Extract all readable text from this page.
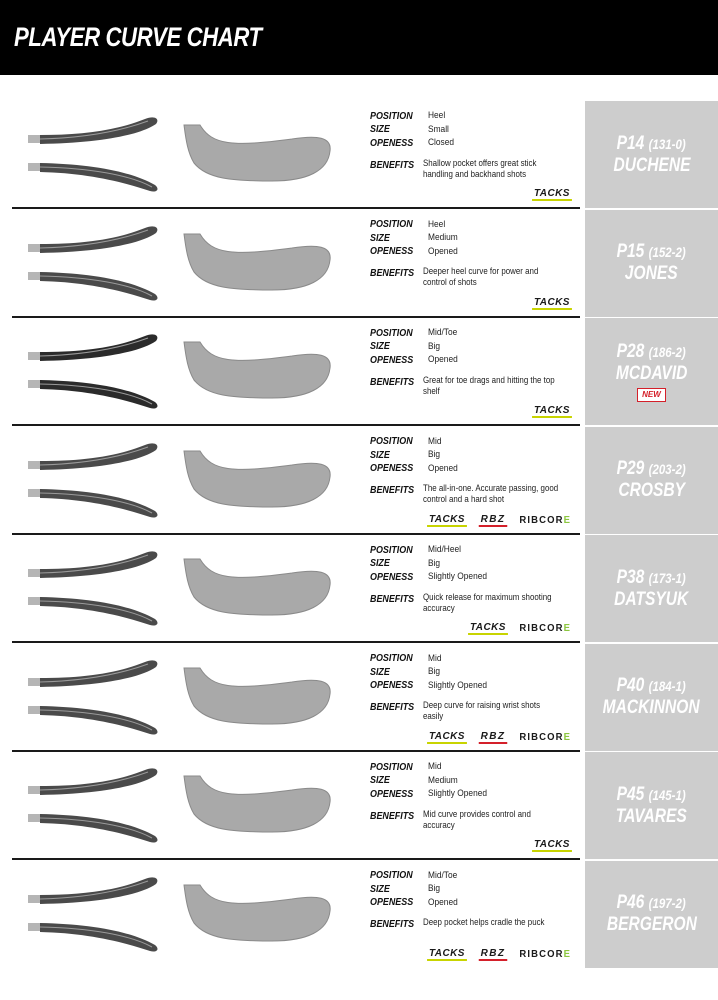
PLAYER CURVE CHART
POSITION	Heel
SIZE	Small
OPENESS	Closed
BENEFITS Shallow pocket offers great stick handling and backhand shots
TACKS
P14 (131-0)
DUCHENE
POSITION	Heel
SIZE	Medium
OPENESS	Opened
BENEFITS Deeper heel curve for power and control of shots
TACKS
P15 (152-2)
JONES
POSITION	Mid/Toe
SIZE	Big
OPENESS	Opened
BENEFITS Great for toe drags and hitting the top shelf
TACKS
P28 (186-2)
MCDAVID
NEW
POSITION	Mid
SIZE	Big
OPENESS	Opened
BENEFITS The all-in-one. Accurate passing, good control and a hard shot
TACKS RBZ RIBCORE
P29 (203-2)
CROSBY
POSITION	Mid/Heel
SIZE	Big
OPENESS	Slightly Opened
BENEFITS Quick release for maximum shooting accuracy
TACKS RIBCORE
P38 (173-1)
DATSYUK
POSITION	Mid
SIZE	Big
OPENESS	Slightly Opened
BENEFITS Deep curve for raising wrist shots easily
TACKS RBZ RIBCORE
P40 (184-1)
MACKINNON
POSITION	Mid
SIZE	Medium
OPENESS	Slightly Opened
BENEFITS Mid curve provides control and accuracy
TACKS
P45 (145-1)
TAVARES
POSITION	Mid/Toe
SIZE	Big
OPENESS	Opened
BENEFITS Deep pocket helps cradle the puck
TACKS RBZ RIBCORE
P46 (197-2)
BERGERON
